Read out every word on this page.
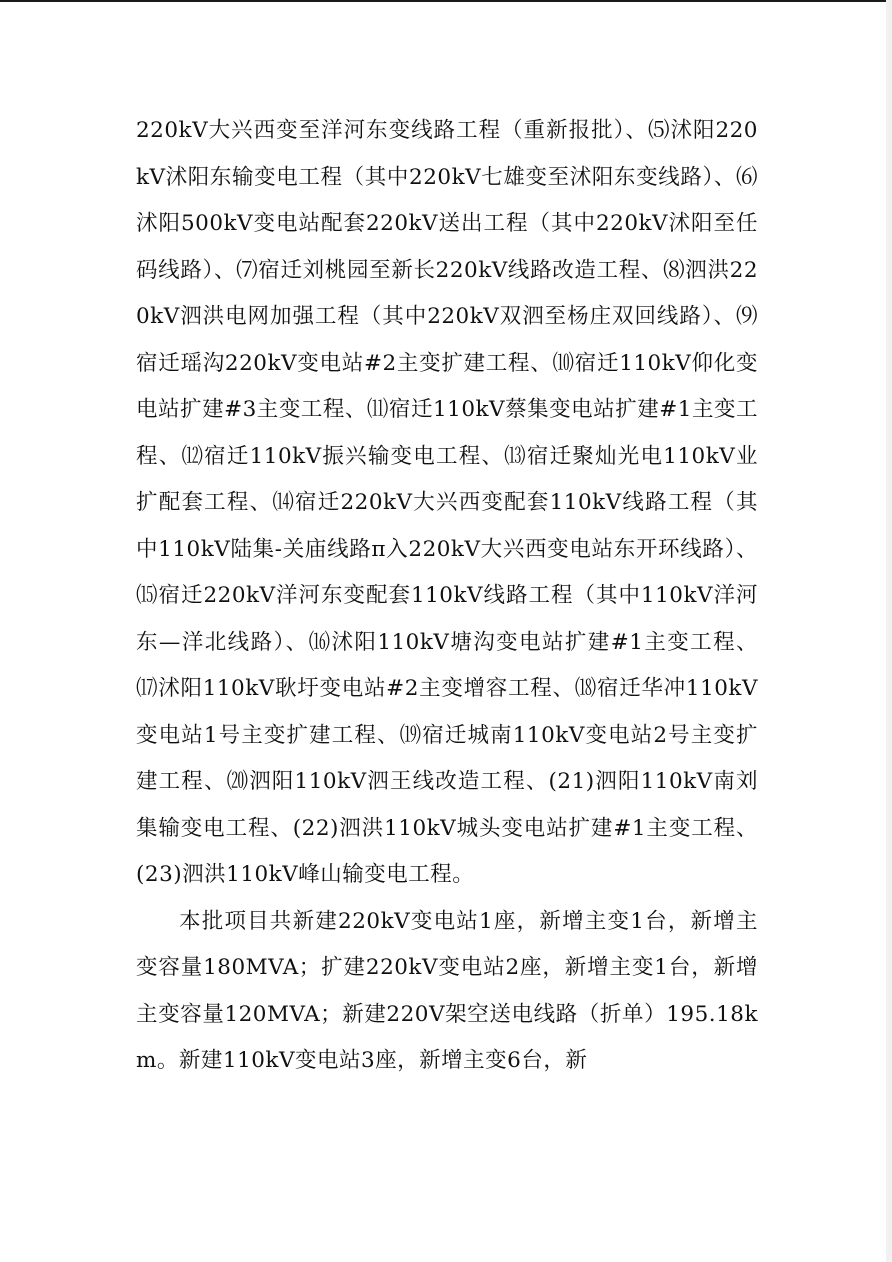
220kV大兴西变至洋河东变线路工程（重新报批）、⑸沭阳220kV沭阳东输变电工程（其中220kV七雄变至沭阳东变线路）、⑹沭阳500kV变电站配套220kV送出工程（其中220kV沭阳至任码线路）、⑺宿迁刘桃园至新长220kV线路改造工程、⑻泗洪220kV泗洪电网加强工程（其中220kV双泗至杨庄双回线路）、⑼宿迁瑶沟220kV变电站#2主变扩建工程、⑽宿迁110kV仰化变电站扩建#3主变工程、⑾宿迁110kV蔡集变电站扩建#1主变工程、⑿宿迁110kV振兴输变电工程、⒀宿迁聚灿光电110kV业扩配套工程、⒁宿迁220kV大兴西变配套110kV线路工程（其中110kV陆集-关庙线路π入220kV大兴西变电站东开环线路）、⒂宿迁220kV洋河东变配套110kV线路工程（其中110kV洋河东—洋北线路）、⒃沭阳110kV塘沟变电站扩建#1主变工程、⒄沭阳110kV耿圩变电站#2主变增容工程、⒅宿迁华冲110kV变电站1号主变扩建工程、⒆宿迁城南110kV变电站2号主变扩建工程、⒇泗阳110kV泗王线改造工程、(21)泗阳110kV南刘集输变电工程、(22)泗洪110kV城头变电站扩建#1主变工程、(23)泗洪110kV峰山输变电工程。

本批项目共新建220kV变电站1座，新增主变1台，新增主变容量180MVA；扩建220kV变电站2座，新增主变1台，新增主变容量120MVA；新建220V架空送电线路（折单）195.18km。新建110kV变电站3座，新增主变6台，新
